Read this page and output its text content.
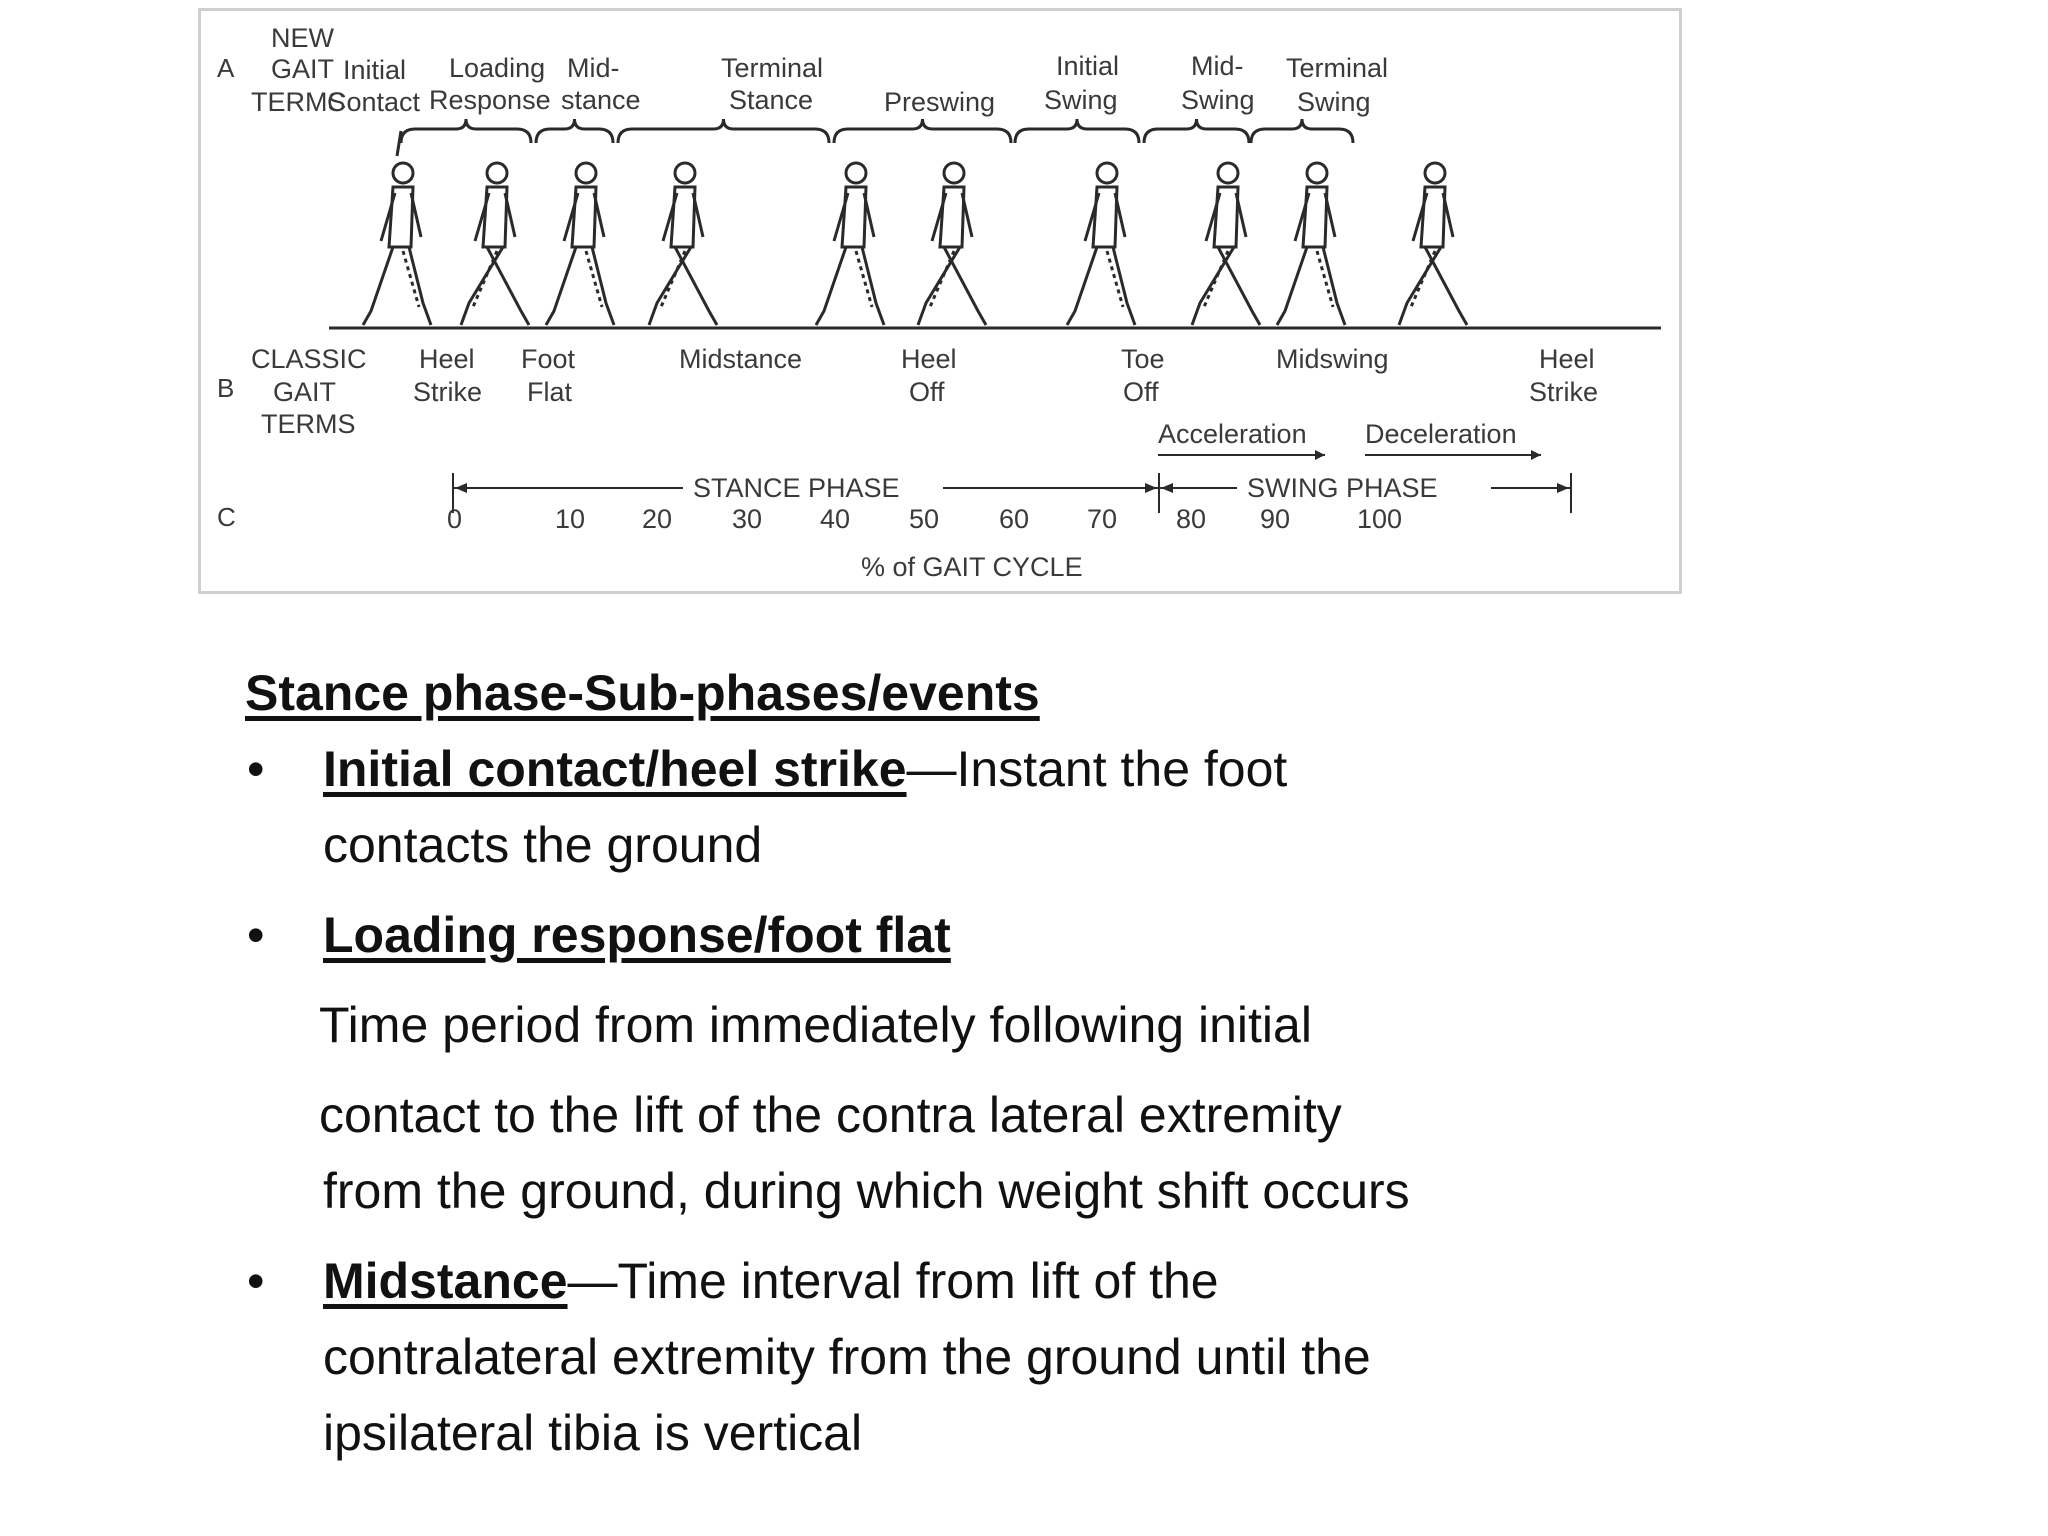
A
B
C
NEW
GAIT
TERMS
CLASSIC
GAIT
TERMS
Initial
Contact
Loading
Response
Mid-
stance
Terminal
Stance	Preswing
Initial
Swing
Mid-
Swing
Terminal
Swing
Heel
Strike
Foot
Flat
Midstance	Heel
Off
Toe
Off
Midswing	Heel
Strike
Acceleration Deceleration
STANCE PHASE	SWING PHASE
0	10 20 30 40 50 60 70 80 90 100
% of GAIT CYCLE
Stance phase-Sub-phases/events
• Initial contact/heel strike—Instant the foot
contacts the ground
• Loading response/foot flat
Time period from immediately following initial
contact to the lift of the contra lateral extremity
from the ground, during which weight shift occurs
• Midstance—Time interval from lift of the
contralateral extremity from the ground until the
ipsilateral tibia is vertical
